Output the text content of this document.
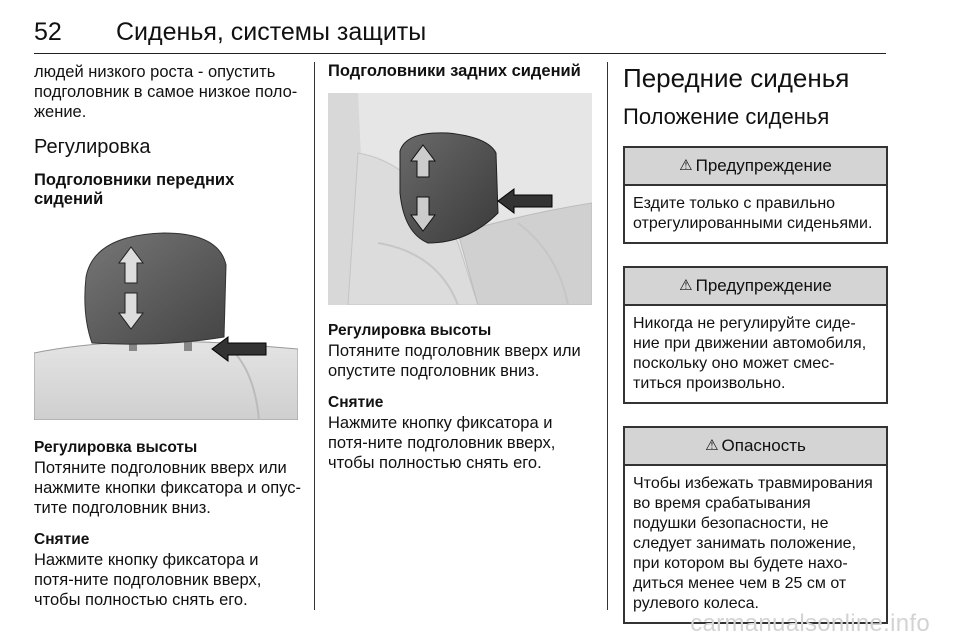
52 Сиденья, системы защиты

людей низкого роста - опустить подголовник в самое низкое поло-жение.

Регулировка
Подголовники передних сидений
Регулировка высоты

Потяните подголовник вверх или нажмите кнопки фиксатора и опус-тите подголовник вниз.

Снятие

Нажмите кнопку фиксатора и потя-ните подголовник вверх, чтобы полностью снять его.

Подголовники задних сидений
Регулировка высоты

Потяните подголовник вверх или опустите подголовник вниз.

Снятие

Нажмите кнопку фиксатора и потя-ните подголовник вверх, чтобы полностью снять его.

Передние сиденья
Положение сиденья
⚠ Предупреждение
Ездите только с правильно отрегулированными сиденьями.
⚠ Предупреждение
Никогда не регулируйте сиде-ние при движении автомобиля, поскольку оно может смес-титься произвольно.
⚠ Опасность
Чтобы избежать травмирования во время срабатывания подушки безопасности, не следует занимать положение, при котором вы будете нахо-диться менее чем в 25 см от рулевого колеса.
carmanualsonline.info
